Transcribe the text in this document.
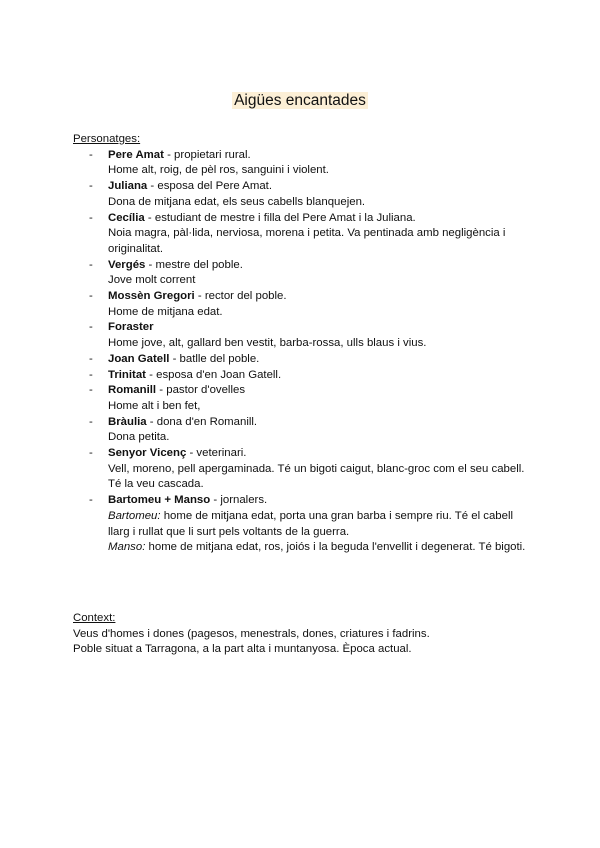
Aigües encantades
Personatges:
- Pere Amat - propietari rural.
Home alt, roig, de pèl ros, sanguini i violent.
- Juliana - esposa del Pere Amat.
Dona de mitjana edat, els seus cabells blanquejen.
- Cecília - estudiant de mestre i filla del Pere Amat i la Juliana.
Noia magra, pàl·lida, nerviosa, morena i petita. Va pentinada amb negligència i originalitat.
- Vergés - mestre del poble.
Jove molt corrent
- Mossèn Gregori - rector del poble.
Home de mitjana edat.
- Foraster
Home jove, alt, gallard ben vestit, barba-rossa, ulls blaus i vius.
- Joan Gatell - batlle del poble.
- Trinitat - esposa d'en Joan Gatell.
- Romanill - pastor d'ovelles
Home alt i ben fet,
- Bràulia - dona d'en Romanill.
Dona petita.
- Senyor Vicenç - veterinari.
Vell, moreno, pell apergaminada. Té un bigoti caigut, blanc-groc com el seu cabell. Té la veu cascada.
- Bartomeu + Manso - jornalers.
Bartomeu: home de mitjana edat, porta una gran barba i sempre riu. Té el cabell llarg i rullat que li surt pels voltants de la guerra.
Manso: home de mitjana edat, ros, joiós i la beguda l'envellit i degenerat. Té bigoti.
Context:
Veus d'homes i dones (pagesos, menestrals, dones, criatures i fadrins.
Poble situat a Tarragona, a la part alta i muntanyosa. Època actual.
